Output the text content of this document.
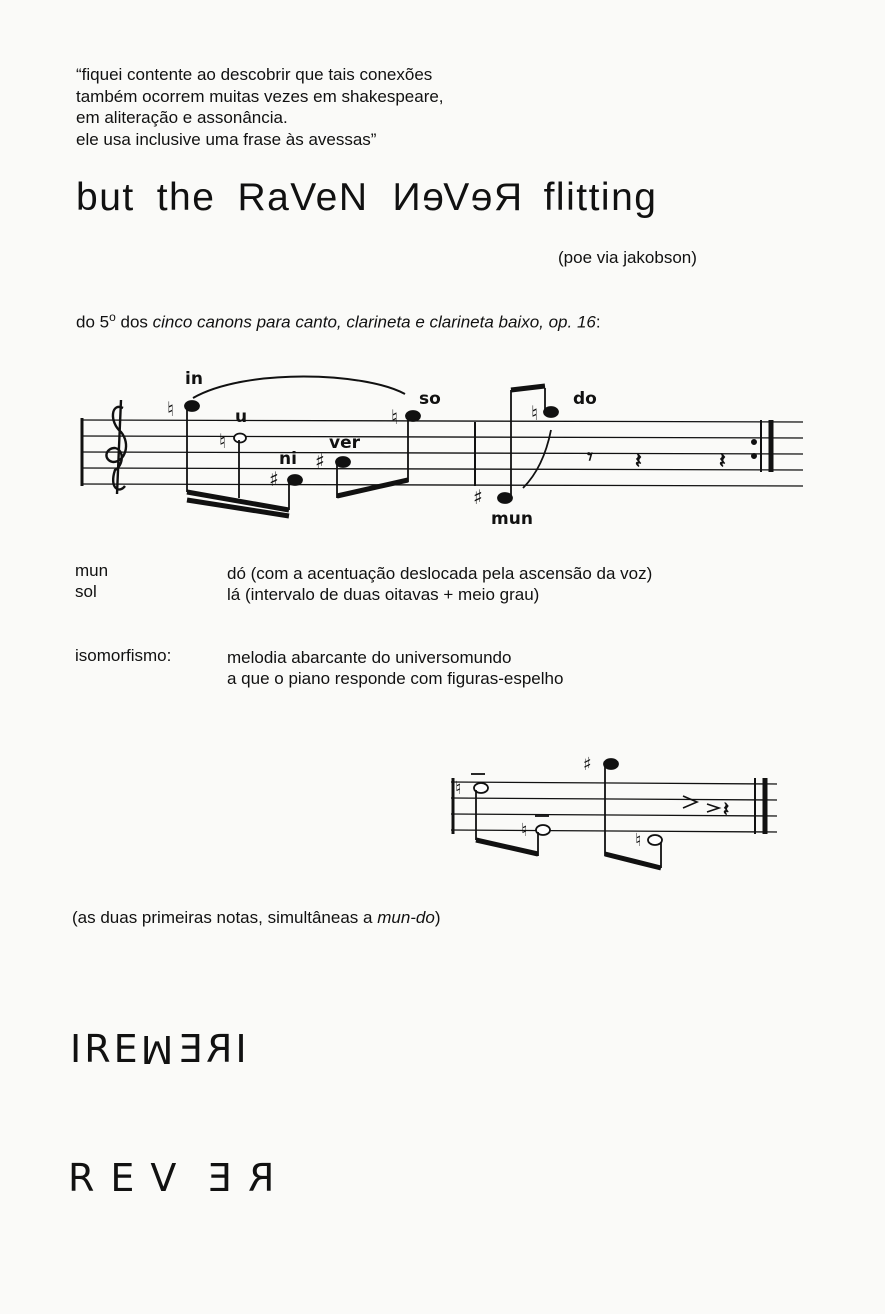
“fiquei contente ao descobrir que tais conexões
também ocorrem muitas vezes em shakespeare,
em aliteração e assonância.
ele usa inclusive uma frase às avessas”
but the RaVeN ReVeN flitting
(poe via jakobson)
do 5$^o$ dos cinco canons para canto, clarineta e clarineta baixo, op. 16:
♮
♮
♯
♯
♮
♯
♮
𝄾 𝄽	𝄽
in
u
ni
ver
so	do
mun
mun	dó (com a acentuação deslocada pela ascensão da voz)
sol	lá (intervalo de duas oitavas + meio grau)
isomorfismo:	melodia abarcante do universomundo
a que o piano responde com figuras-espelho
♮
♮
♯
♮
𝄽
(as duas primeiras notas, simultâneas a mun-do)
IREMEIR
REVER
